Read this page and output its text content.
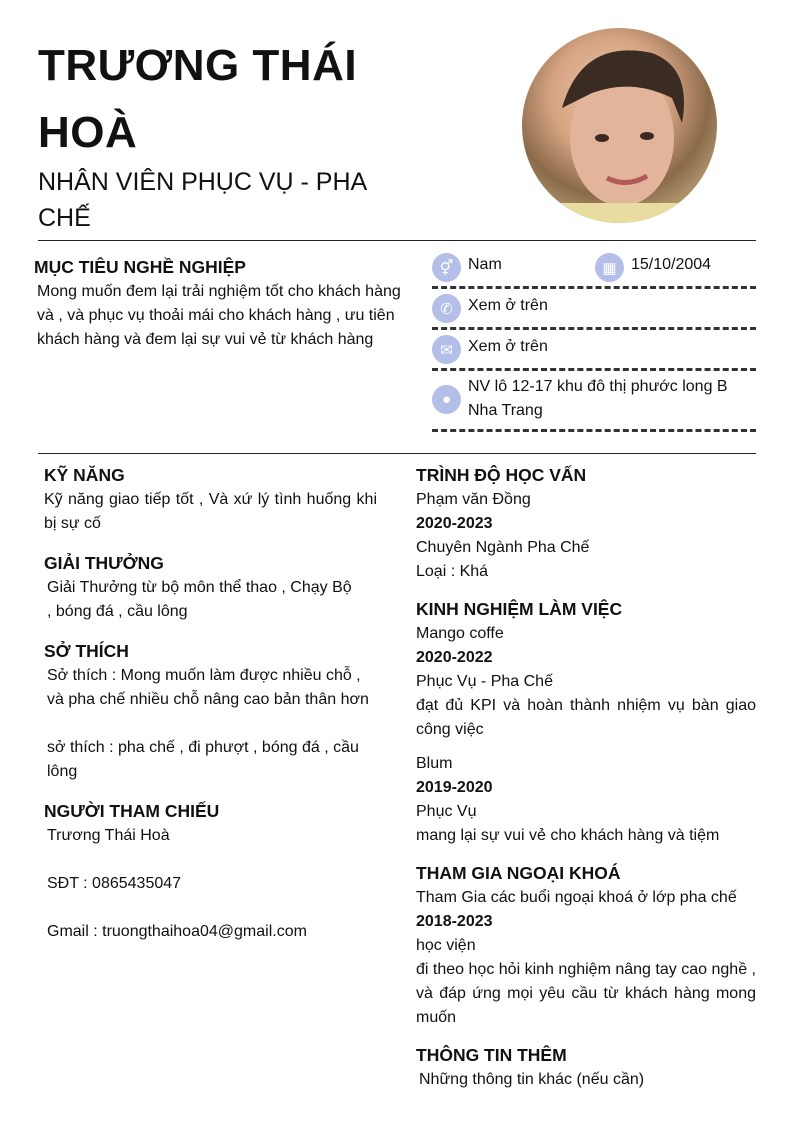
TRƯƠNG THÁI HOÀ
NHÂN VIÊN PHỤC VỤ - PHA CHẾ
MỤC TIÊU NGHỀ NGHIỆP
Mong muốn đem lại trải nghiệm tốt cho khách hàng và , và phục vụ thoải mái cho khách hàng , ưu tiên khách hàng và đem lại sự vui vẻ từ khách hàng
⚥ Nam	▦ 15/10/2004
✆ Xem ở trên
✉ Xem ở trên
●
NV lô 12-17 khu đô thị phước long B Nha Trang
KỸ NĂNG
Kỹ năng giao tiếp tốt , Và xứ lý tình huống khi bị sự cố
GIẢI THƯỞNG
Giải Thưởng từ bộ môn thể thao , Chạy Bộ , bóng đá , cầu lông
SỞ THÍCH
Sở thích : Mong muốn làm được nhiều chỗ ,
và pha chế nhiều chỗ nâng cao bản thân hơn
sở thích : pha chế , đi phượt , bóng đá , cầu lông
NGƯỜI THAM CHIẾU
Trương Thái Hoà
SĐT : 0865435047
Gmail : truongthaihoa04@gmail.com
TRÌNH ĐỘ HỌC VẤN
Phạm văn Đồng
2020-2023
Chuyên Ngành Pha Chế
Loại : Khá
KINH NGHIỆM LÀM VIỆC
Mango coffe
2020-2022
Phục Vụ - Pha Chế
đạt đủ KPI và hoàn thành nhiệm vụ bàn giao công việc
Blum
2019-2020
Phục Vụ
mang lại sự vui vẻ cho khách hàng và tiệm
THAM GIA NGOẠI KHOÁ
Tham Gia các buổi ngoại khoá ở lớp pha chế
2018-2023
học viện
đi theo học hỏi kinh nghiệm nâng tay cao nghề , và đáp ứng mọi yêu cầu từ khách hàng mong muốn
THÔNG TIN THÊM
Những thông tin khác (nếu cần)
